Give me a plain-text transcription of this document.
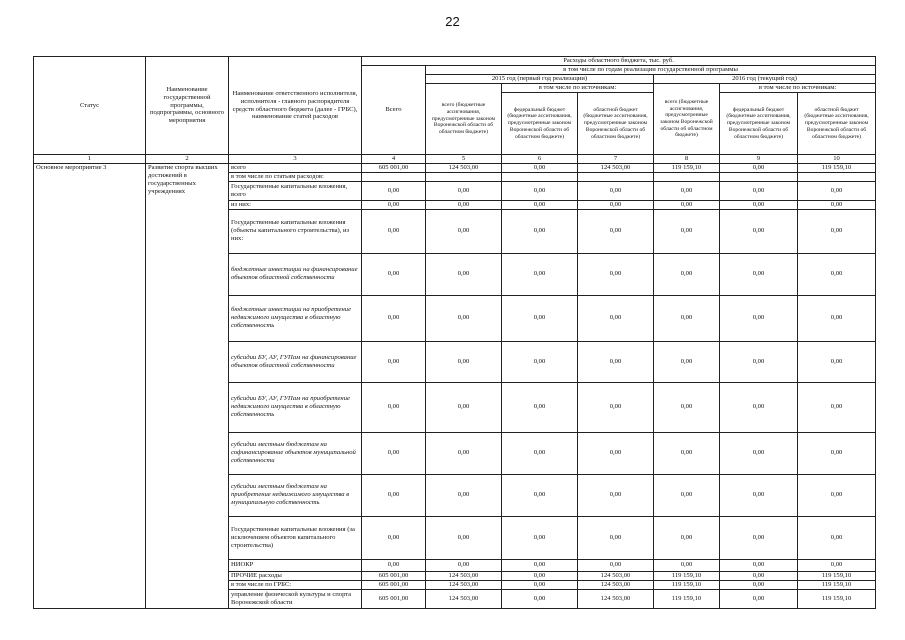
22
Статус	Наименование государственной программы, подпрограммы, основного мероприятия	Наименование ответственного исполнителя, исполнителя - главного распорядителя средств областного бюджета (далее - ГРБС), наименование статей расходов	Расходы областного бюджета, тыс. руб.						
			Всего	в том числе по годам реализации государственной программы					
				2015 год (первый год реализации)			2016 год (текущий год)		
				всего (бюджетные ассигнования, предусмотренные законом Воронежской области об областном бюджете)	в том числе по источникам:		всего (бюджетные ассигнования, предусмотренные законом Воронежской области об областном бюджете)	в том числе по источникам:	
					федеральный бюджет (бюджетные ассигнования, предусмотренные законом Воронежской области об областном бюджете)	областной бюджет (бюджетные ассигнования, предусмотренные законом Воронежской области об областном бюджете)		федеральный бюджет (бюджетные ассигнования, предусмотренные законом Воронежской области об областном бюджете)	областной бюджет (бюджетные ассигнования, предусмотренные законом Воронежской области об областном бюджете)
1	2	3	4	5	6	7	8	9	10
Основное мероприятие 3	Развитие спорта высших достижений в государственных учреждениях	всего	605 001,00	124 503,00	0,00	124 503,00	119 159,10	0,00	119 159,10
		в том числе по статьям расходов:							
		Государственные капитальные вложения, всего	0,00	0,00	0,00	0,00	0,00	0,00	0,00
		из них:	0,00	0,00	0,00	0,00	0,00	0,00	0,00
		Государственные капитальные вложения (объекты капитального строительства), из них:	0,00	0,00	0,00	0,00	0,00	0,00	0,00
		бюджетные инвестиции на финансирование объектов областной собственности	0,00	0,00	0,00	0,00	0,00	0,00	0,00
		бюджетные инвестиции на приобретение недвижимого имущества в областную собственность	0,00	0,00	0,00	0,00	0,00	0,00	0,00
		субсидии БУ, АУ, ГУПам на финансирование объектов областной собственности	0,00	0,00	0,00	0,00	0,00	0,00	0,00
		субсидии БУ, АУ, ГУПам на приобретение недвижимого имущества в областную собственность	0,00	0,00	0,00	0,00	0,00	0,00	0,00
		субсидии местным бюджетам на софинансирование объектов муниципальной собственности	0,00	0,00	0,00	0,00	0,00	0,00	0,00
		субсидии местным бюджетам на приобретение недвижимого имущества в муниципальную собственность	0,00	0,00	0,00	0,00	0,00	0,00	0,00
		Государственные капитальные вложения (за исключением объектов капитального строительства)	0,00	0,00	0,00	0,00	0,00	0,00	0,00
		НИОКР	0,00	0,00	0,00	0,00	0,00	0,00	0,00
		ПРОЧИЕ расходы	605 001,00	124 503,00	0,00	124 503,00	119 159,10	0,00	119 159,10
		в том числе по ГРБС:	605 001,00	124 503,00	0,00	124 503,00	119 159,10	0,00	119 159,10
		управление физической культуры и спорта Воронежской области	605 001,00	124 503,00	0,00	124 503,00	119 159,10	0,00	119 159,10
